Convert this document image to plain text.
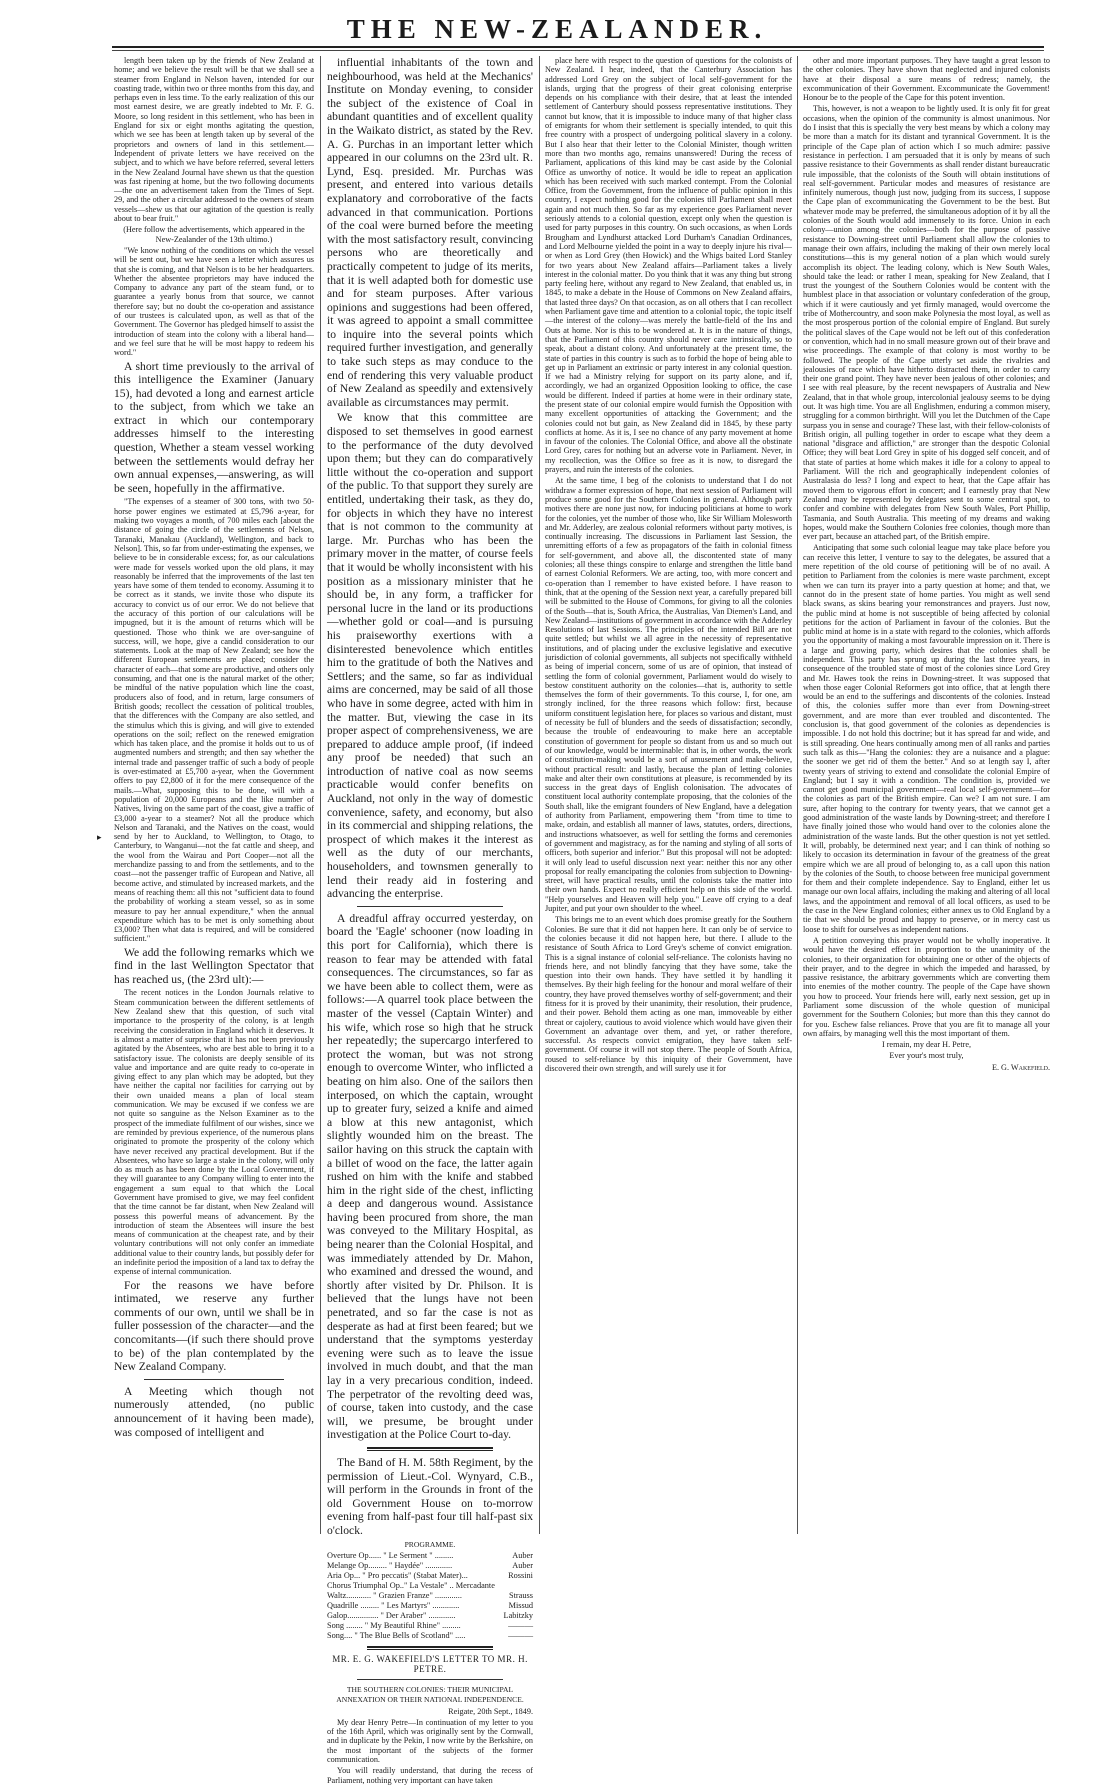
THE NEW-ZEALANDER.
▸

length been taken up by the friends of New Zealand at home; and we believe the result will be that we shall see a steamer from England in Nelson haven, intended for our coasting trade, within two or three months from this day, and perhaps even in less time. To the early realization of this our most earnest desire, we are greatly indebted to Mr. F. G. Moore, so long resident in this settlement, who has been in England for six or eight months agitating the question, which we see has been at length taken up by several of the proprietors and owners of land in this settlement.—Independent of private letters we have received on the subject, and to which we have before referred, several letters in the New Zealand Journal have shewn us that the question was fast ripening at home, but the two following documents—the one an advertisement taken from the Times of Sept. 29, and the other a circular addressed to the owners of steam vessels—shew us that our agitation of the question is really about to bear fruit."

(Here follow the advertisements, which appeared in the New-Zealander of the 13th ultimo.)

"We know nothing of the conditions on which the vessel will be sent out, but we have seen a letter which assures us that she is coming, and that Nelson is to be her headquarters. Whether the absentee proprietors may have induced the Company to advance any part of the steam fund, or to guarantee a yearly bonus from that source, we cannot therefore say; but no doubt the co-operation and assistance of our trustees is calculated upon, as well as that of the Government. The Governor has pledged himself to assist the introduction of steam into the colony with a liberal hand—and we feel sure that he will be most happy to redeem his word."

A short time previously to the arrival of this intelligence the Examiner (January 15), had devoted a long and earnest article to the subject, from which we take an extract in which our contemporary addresses himself to the interesting question, Whether a steam vessel working between the settlements would defray her own annual expenses,—answering, as will be seen, hopefully in the affirmative.

"The expenses of a steamer of 300 tons, with two 50-horse power engines we estimated at £5,796 a-year, for making two voyages a month, of 700 miles each [about the distance of going the circle of the settlements of Nelson, Taranaki, Manakau (Auckland), Wellington, and back to Nelson]. This, so far from under-estimating the expenses, we believe to be in considerable excess; for, as our calculations were made for vessels worked upon the old plans, it may reasonably be inferred that the improvements of the last ten years have some of them tended to economy. Assuming it to be correct as it stands, we invite those who dispute its accuracy to convict us of our error. We do not believe that the accuracy of this portion of our calculations will be impugned, but it is the amount of returns which will be questioned. Those who think we are over-sanguine of success, will, we hope, give a candid consideration to our statements. Look at the map of New Zealand; see how the different European settlements are placed; consider the character of each—that some are productive, and others only consuming, and that one is the natural market of the other; be mindful of the native population which line the coast, producers also of food, and in return, large consumers of British goods; recollect the cessation of political troubles, that the differences with the Company are also settled, and the stimulus which this is giving, and will give to extended operations on the soil; reflect on the renewed emigration which has taken place, and the promise it holds out to us of augmented numbers and strength; and then say whether the internal trade and passenger traffic of such a body of people is over-estimated at £5,700 a-year, when the Government offers to pay £2,800 of it for the mere consequence of the mails.—What, supposing this to be done, will with a population of 20,000 Europeans and the like number of Natives, living on the same part of the coast, give a traffic of £3,000 a-year to a steamer? Not all the produce which Nelson and Taranaki, and the Natives on the coast, would send by her to Auckland, to Wellington, to Otago, to Canterbury, to Wanganui—not the fat cattle and sheep, and the wool from the Wairau and Port Cooper—not all the merchandize passing to and from the settlements, and to the coast—not the passenger traffic of European and Native, all become active, and stimulated by increased markets, and the means of reaching them: all this not "sufficient data to found the probability of working a steam vessel, so as in some measure to pay her annual expenditure," when the annual expenditure which has to be met is only something about £3,000? Then what data is required, and will be considered sufficient."

We add the following remarks which we find in the last Wellington Spectator that has reached us, (the 23rd ult):—

The recent notices in the London Journals relative to Steam communication between the different settlements of New Zealand shew that this question, of such vital importance to the prosperity of the colony, is at length receiving the consideration in England which it deserves. It is almost a matter of surprise that it has not been previously agitated by the Absentees, who are best able to bring it to a satisfactory issue. The colonists are deeply sensible of its value and importance and are quite ready to co-operate in giving effect to any plan which may be adopted, but they have neither the capital nor facilities for carrying out by their own unaided means a plan of local steam communication. We may be excused if we confess we are not quite so sanguine as the Nelson Examiner as to the prospect of the immediate fulfilment of our wishes, since we are reminded by previous experience, of the numerous plans originated to promote the prosperity of the colony which have never received any practical development. But if the Absentees, who have so large a stake in the colony, will only do as much as has been done by the Local Government, if they will guarantee to any Company willing to enter into the engagement a sum equal to that which the Local Government have promised to give, we may feel confident that the time cannot be far distant, when New Zealand will possess this powerful means of advancement. By the introduction of steam the Absentees will insure the best means of communication at the cheapest rate, and by their voluntary contributions will not only confer an immediate additional value to their country lands, but possibly defer for an indefinite period the imposition of a land tax to defray the expense of internal communication.

For the reasons we have before intimated, we reserve any further comments of our own, until we shall be in fuller possession of the character—and the concomitants—(if such there should prove to be) of the plan contemplated by the New Zealand Company.

A Meeting which though not numerously attended, (no public announcement of it having been made), was composed of intelligent and

influential inhabitants of the town and neighbourhood, was held at the Mechanics' Institute on Monday evening, to consider the subject of the existence of Coal in abundant quantities and of excellent quality in the Waikato district, as stated by the Rev. A. G. Purchas in an important letter which appeared in our columns on the 23rd ult. R. Lynd, Esq. presided. Mr. Purchas was present, and entered into various details explanatory and corroborative of the facts advanced in that communication. Portions of the coal were burned before the meeting with the most satisfactory result, convincing persons who are theoretically and practically competent to judge of its merits, that it is well adapted both for domestic use and for steam purposes. After various opinions and suggestions had been offered, it was agreed to appoint a small committee to inquire into the several points which required further investigation, and generally to take such steps as may conduce to the end of rendering this very valuable product of New Zealand as speedily and extensively available as circumstances may permit.

We know that this committee are disposed to set themselves in good earnest to the performance of the duty devolved upon them; but they can do comparatively little without the co-operation and support of the public. To that support they surely are entitled, undertaking their task, as they do, for objects in which they have no interest that is not common to the community at large. Mr. Purchas who has been the primary mover in the matter, of course feels that it would be wholly inconsistent with his position as a missionary minister that he should be, in any form, a trafficker for personal lucre in the land or its productions—whether gold or coal—and is pursuing his praiseworthy exertions with a disinterested benevolence which entitles him to the gratitude of both the Natives and Settlers; and the same, so far as individual aims are concerned, may be said of all those who have in some degree, acted with him in the matter. But, viewing the case in its proper aspect of comprehensiveness, we are prepared to adduce ample proof, (if indeed any proof be needed) that such an introduction of native coal as now seems practicable would confer benefits on Auckland, not only in the way of domestic convenience, safety, and economy, but also in its commercial and shipping relations, the prospect of which makes it the interest as well as the duty of our merchants, householders, and townsmen generally to lend their ready aid in fostering and advancing the enterprise.

A dreadful affray occurred yesterday, on board the 'Eagle' schooner (now loading in this port for California), which there is reason to fear may be attended with fatal consequences. The circumstances, so far as we have been able to collect them, were as follows:—A quarrel took place between the master of the vessel (Captain Winter) and his wife, which rose so high that he struck her repeatedly; the supercargo interfered to protect the woman, but was not strong enough to overcome Winter, who inflicted a beating on him also. One of the sailors then interposed, on which the captain, wrought up to greater fury, seized a knife and aimed a blow at this new antagonist, which slightly wounded him on the breast. The sailor having on this struck the captain with a billet of wood on the face, the latter again rushed on him with the knife and stabbed him in the right side of the chest, inflicting a deep and dangerous wound. Assistance having been procured from shore, the man was conveyed to the Military Hospital, as being nearer than the Colonial Hospital, and was immediately attended by Dr. Mahon, who examined and dressed the wound, and shortly after visited by Dr. Philson. It is believed that the lungs have not been penetrated, and so far the case is not as desperate as had at first been feared; but we understand that the symptoms yesterday evening were such as to leave the issue involved in much doubt, and that the man lay in a very precarious condition, indeed. The perpetrator of the revolting deed was, of course, taken into custody, and the case will, we presume, be brought under investigation at the Police Court to-day.

The Band of H. M. 58th Regiment, by the permission of Lieut.-Col. Wynyard, C.B., will perform in the Grounds in front of the old Government House on to-morrow evening from half-past four till half-past six o'clock.

PROGRAMME.

Overture Op...... " Le Serment " .........	Auber
Melange Op......... " Haydée" .............	Auber
Aria Op... " Pro peccatis" (Stabat Mater)...	Rossini
Chorus Triumphal Op.." La Vestale" .. Mercadante
Waltz............ " Grazien Franze" .............	Strauss
Quadrille ......... " Les Martyrs" .............	Missud
Galop............... " Der Araber" .............	Labitzky
Song ........ " My Beautiful Rhine" .........	———
Song.... " The Blue Bells of Scotland" .....	———

MR. E. G. WAKEFIELD'S LETTER TO MR. H. PETRE.

THE SOUTHERN COLONIES: THEIR MUNICIPAL ANNEXATION OR THEIR NATIONAL INDEPENDENCE.

Reigate, 20th Sept., 1849.

My dear Henry Petre—In continuation of my letter to you of the 16th April, which was originally sent by the Cornwall, and in duplicate by the Pekin, I now write by the Berkshire, on the most important of the subjects of the former communication.

You will readily understand, that during the recess of Parliament, nothing very important can have taken

place here with respect to the question of questions for the colonists of New Zealand. I hear, indeed, that the Canterbury Association has addressed Lord Grey on the subject of local self-government for the islands, urging that the progress of their great colonising enterprise depends on his compliance with their desire, that at least the intended settlement of Canterbury should possess representative institutions. They cannot but know, that it is impossible to induce many of that higher class of emigrants for whom their settlement is specially intended, to quit this free country with a prospect of undergoing political slavery in a colony. But I also hear that their letter to the Colonial Minister, though written more than two months ago, remains unanswered! During the recess of Parliament, applications of this kind may be cast aside by the Colonial Office as unworthy of notice. It would be idle to repeat an application which has been received with such marked contempt. From the Colonial Office, from the Government, from the influence of public opinion in this country, I expect nothing good for the colonies till Parliament shall meet again and not much then. So far as my experience goes Parliament never seriously attends to a colonial question, except only when the question is used for party purposes in this country. On such occasions, as when Lords Brougham and Lyndhurst attacked Lord Durham's Canadian Ordinances, and Lord Melbourne yielded the point in a way to deeply injure his rival—or when as Lord Grey (then Howick) and the Whigs baited Lord Stanley for two years about New Zealand affairs—Parliament takes a lively interest in the colonial matter. Do you think that it was any thing but strong party feeling here, without any regard to New Zealand, that enabled us, in 1845, to make a debate in the House of Commons on New Zealand affairs, that lasted three days? On that occasion, as on all others that I can recollect when Parliament gave time and attention to a colonial topic, the topic itself—the interest of the colony—was merely the battle-field of the Ins and Outs at home. Nor is this to be wondered at. It is in the nature of things, that the Parliament of this country should never care intrinsically, so to speak, about a distant colony. And unfortunately at the present time, the state of parties in this country is such as to forbid the hope of being able to get up in Parliament an extrinsic or party interest in any colonial question. If we had a Ministry relying for support on its party alone, and if, accordingly, we had an organized Opposition looking to office, the case would be different. Indeed if parties at home were in their ordinary state, the present state of our colonial empire would furnish the Opposition with many excellent opportunities of attacking the Government; and the colonies could not but gain, as New Zealand did in 1845, by these party conflicts at home. As it is, I see no chance of any party movement at home in favour of the colonies. The Colonial Office, and above all the obstinate Lord Grey, cares for nothing but an adverse vote in Parliament. Never, in my recollection, was the Office so free as it is now, to disregard the prayers, and ruin the interests of the colonies.

At the same time, I beg of the colonists to understand that I do not withdraw a former expression of hope, that next session of Parliament will produce some good for the Southern Colonies in general. Although party motives there are none just now, for inducing politicians at home to work for the colonies, yet the number of those who, like Sir William Molesworth and Mr. Adderley, are zealous colonial reformers without party motives, is continually increasing. The discussions in Parliament last Session, the unremitting efforts of a few as propagators of the faith in colonial fitness for self-government, and above all, the discontented state of many colonies; all these things conspire to enlarge and strengthen the little band of earnest Colonial Reformers. We are acting, too, with more concert and co-operation than I remember to have existed before. I have reason to think, that at the opening of the Session next year, a carefully prepared bill will be submitted to the House of Commons, for giving to all the colonies of the South—that is, South Africa, the Australias, Van Diemen's Land, and New Zealand—institutions of government in accordance with the Adderley Resolutions of last Sessions. The principles of the intended Bill are not quite settled; but whilst we all agree in the necessity of representative institutions, and of placing under the exclusive legislative and executive jurisdiction of colonial governments, all subjects not specifically withheld as being of imperial concern, some of us are of opinion, that instead of settling the form of colonial government, Parliament would do wisely to bestow constituent authority on the colonies—that is, authority to settle themselves the form of their governments. To this course, I, for one, am strongly inclined, for the three reasons which follow: first, because uniform constituent legislation here, for places so various and distant, must of necessity be full of blunders and the seeds of dissatisfaction; secondly, because the trouble of endeavouring to make here an acceptable constitution of government for people so distant from us and so much out of our knowledge, would be interminable: that is, in other words, the work of constitution-making would be a sort of amusement and make-believe, without practical result: and lastly, because the plan of letting colonies make and alter their own constitutions at pleasure, is recommended by its success in the great days of English colonisation. The advocates of constituent local authority contemplate proposing, that the colonies of the South shall, like the emigrant founders of New England, have a delegation of authority from Parliament, empowering them "from time to time to make, ordain, and establish all manner of laws, statutes, orders, directions, and instructions whatsoever, as well for settling the forms and ceremonies of government and magistracy, as for the naming and styling of all sorts of officers, both superior and inferior." But this proposal will not be adopted: it will only lead to useful discussion next year: neither this nor any other proposal for really emancipating the colonies from subjection to Downing-street, will have practical results, until the colonists take the matter into their own hands. Expect no really efficient help on this side of the world. "Help yourselves and Heaven will help you." Leave off crying to a deaf Jupiter, and put your own shoulder to the wheel.

This brings me to an event which does promise greatly for the Southern Colonies. Be sure that it did not happen here. It can only be of service to the colonies because it did not happen here, but there. I allude to the resistance of South Africa to Lord Grey's scheme of convict emigration. This is a signal instance of colonial self-reliance. The colonists having no friends here, and not blindly fancying that they have some, take the question into their own hands. They have settled it by handling it themselves. By their high feeling for the honour and moral welfare of their country, they have proved themselves worthy of self-government; and their fitness for it is proved by their unanimity, their resolution, their prudence, and their power. Behold them acting as one man, immoveable by either threat or cajolery, cautious to avoid violence which would have given their Government an advantage over them, and yet, or rather therefore, successful. As respects convict emigration, they have taken self-government. Of course it will not stop there. The people of South Africa, roused to self-reliance by this iniquity of their Government, have discovered their own strength, and will surely use it for

other and more important purposes. They have taught a great lesson to the other colonies. They have shown that neglected and injured colonists have at their disposal a sure means of redress; namely, the excommunication of their Government. Excommunicate the Government! Honour be to the people of the Cape for this potent invention.

This, however, is not a weapon to be lightly used. It is only fit for great occasions, when the opinion of the community is almost unanimous. Nor do I insist that this is specially the very best means by which a colony may be more than a match for its distant and tyrannical Government. It is the principle of the Cape plan of action which I so much admire: passive resistance in perfection. I am persuaded that it is only by means of such passive resistance to their Governments as shall render distant bureaucratic rule impossible, that the colonists of the South will obtain institutions of real self-government. Particular modes and measures of resistance are infinitely numerous, though just now, judging from its success, I suppose the Cape plan of excommunicating the Government to be the best. But whatever mode may be preferred, the simultaneous adoption of it by all the colonies of the South would add immensely to its force. Union in each colony—union among the colonies—both for the purpose of passive resistance to Downing-street until Parliament shall allow the colonies to manage their own affairs, including the making of their own merely local constitutions—this is my general notion of a plan which would surely accomplish its object. The leading colony, which is New South Wales, should take the lead: or rather I mean, speaking for New Zealand, that I trust the youngest of the Southern Colonies would be content with the humblest place in that association or voluntary confederation of the group, which if it were cautiously and yet firmly managed, would overcome the tribe of Mothercountry, and soon make Polynesia the most loyal, as well as the most prosperous portion of the colonial empire of England. But surely the political slaves of the Cape would not be left out of this confederation or convention, which had in no small measure grown out of their brave and wise proceedings. The example of that colony is most worthy to be followed. The people of the Cape utterly set aside the rivalries and jealousies of race which have hitherto distracted them, in order to carry their one grand point. They have never been jealous of other colonies; and I see with real pleasure, by the recent newspapers of Australia and New Zealand, that in that whole group, intercolonial jealousy seems to be dying out. It was high time. You are all Englishmen, enduring a common misery, struggling for a common birthright. Will you let the Dutchmen of the Cape surpass you in sense and courage? These last, with their fellow-colonists of British origin, all pulling together in order to escape what they deem a national "disgrace and affliction," are stronger than the despotic Colonial Office; they will beat Lord Grey in spite of his dogged self conceit, and of that state of parties at home which makes it idle for a colony to appeal to Parliament. Will the rich and geographically independent colonies of Australasia do less? I long and expect to hear, that the Cape affair has moved them to vigorous effort in concert; and I earnestly pray that New Zealand may be represented by delegates sent to some central spot, to confer and combine with delegates from New South Wales, Port Phillip, Tasmania, and South Australia. This meeting of my dreams and waking hopes, would make the Southern Colonies free colonies, though more than ever part, because an attached part, of the British empire.

Anticipating that some such colonial league may take place before you can receive this letter, I venture to say to the delegates, be assured that a mere repetition of the old course of petitioning will be of no avail. A petition to Parliament from the colonies is mere waste parchment, except when we can turn its prayer into a party question at home; and that, we cannot do in the present state of home parties. You might as well send black swans, as skins bearing your remonstrances and prayers. Just now, the public mind at home is not susceptible of being affected by colonial petitions for the action of Parliament in favour of the colonies. But the public mind at home is in a state with regard to the colonies, which affords you the opportunity of making a most favourable impression on it. There is a large and growing party, which desires that the colonies shall be independent. This party has sprung up during the last three years, in consequence of the troubled state of most of the colonies since Lord Grey and Mr. Hawes took the reins in Downing-street. It was supposed that when those eager Colonial Reformers got into office, that at length there would be an end to the sufferings and discontents of the colonies. Instead of this, the colonies suffer more than ever from Downing-street government, and are more than ever troubled and discontented. The conclusion is, that good government of the colonies as dependencies is impossible. I do not hold this doctrine; but it has spread far and wide, and is still spreading. One hears continually among men of all ranks and parties such talk as this—"Hang the colonies: they are a nuisance and a plague: the sooner we get rid of them the better." And so at length say I, after twenty years of striving to extend and consolidate the colonial Empire of England; but I say it with a condition. The condition is, provided we cannot get good municipal government—real local self-government—for the colonies as part of the British empire. Can we? I am not sure. I am sure, after hoping to the contrary for twenty years, that we cannot get a good administration of the waste lands by Downing-street; and therefore I have finally joined those who would hand over to the colonies alone the administration of the waste lands. But the other question is not yet settled. It will, probably, be determined next year; and I can think of nothing so likely to occasion its determination in favour of the greatness of the great empire which we are all proud of belonging to, as a call upon this nation by the colonies of the South, to choose between free municipal government for them and their complete independence. Say to England, either let us manage our own local affairs, including the making and altering of all local laws, and the appointment and removal of all local officers, as used to be the case in the New England colonies; either annex us to Old England by a tie that we should be proud and happy to preserve, or in mercy cast us loose to shift for ourselves as independent nations.

A petition conveying this prayer would not be wholly inoperative. It would have the desired effect in proportion to the unanimity of the colonies, to their organization for obtaining one or other of the objects of their prayer, and to the degree in which the impeded and harassed, by passive resistance, the arbitrary governments which are converting them into enemies of the mother country. The people of the Cape have shown you how to proceed. Your friends here will, early next session, get up in Parliament some discussion of the whole question of municipal government for the Southern Colonies; but more than this they cannot do for you. Eschew false reliances. Prove that you are fit to manage all your own affairs, by managing well this the most important of them.

I remain, my dear H. Petre,

Ever your's most truly,

E. G. Wakefield.
